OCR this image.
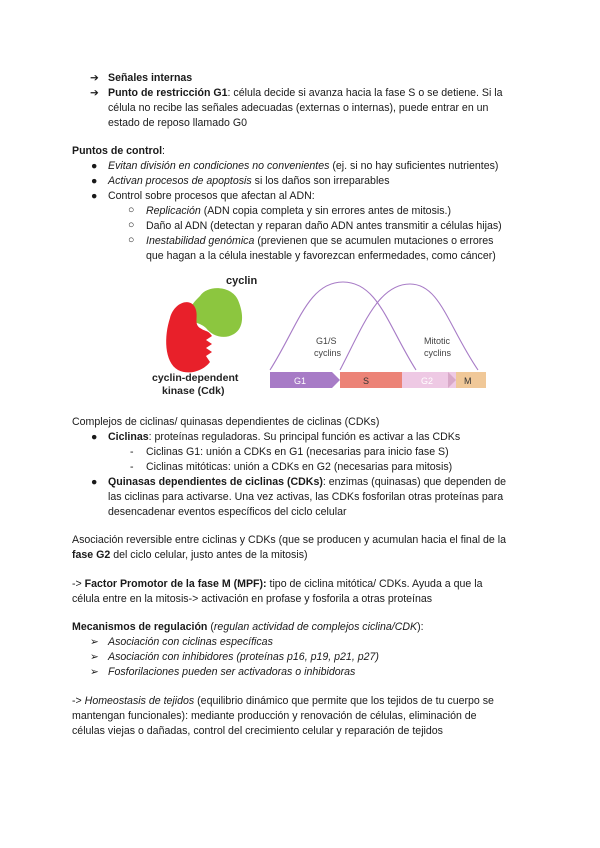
➔ Señales internas
➔ Punto de restricción G1: célula decide si avanza hacia la fase S o se detiene. Si la
célula no recibe las señales adecuadas (externas o internas), puede entrar en un
estado de reposo llamado G0
Puntos de control:
● Evitan división en condiciones no convenientes (ej. si no hay suficientes nutrientes)
● Activan procesos de apoptosis si los daños son irreparables
● Control sobre procesos que afectan al ADN:
○ Replicación (ADN copia completa y sin errores antes de mitosis.)
○ Daño al ADN (detectan y reparan daño ADN antes transmitir a células hijas)
○ Inestabilidad genómica (previenen que se acumulen mutaciones o errores
que hagan a la célula inestable y favorezcan enfermedades, como cáncer)
cyclin
cyclin-dependent
kinase (Cdk)
G1	S	G2	M
G1/S
cyclins
Mitotic
cyclins
Complejos de ciclinas/ quinasas dependientes de ciclinas (CDKs)
● Ciclinas: proteínas reguladoras. Su principal función es activar a las CDKs
- Ciclinas G1: unión a CDKs en G1 (necesarias para inicio fase S)
- Ciclinas mitóticas: unión a CDKs en G2 (necesarias para mitosis)
● Quinasas dependientes de ciclinas (CDKs): enzimas (quinasas) que dependen de
las ciclinas para activarse. Una vez activas, las CDKs fosforilan otras proteínas para
desencadenar eventos específicos del ciclo celular
Asociación reversible entre ciclinas y CDKs (que se producen y acumulan hacia el final de la
fase G2 del ciclo celular, justo antes de la mitosis)
-> Factor Promotor de la fase M (MPF): tipo de ciclina mitótica/ CDKs. Ayuda a que la
célula entre en la mitosis-> activación en profase y fosforila a otras proteínas
Mecanismos de regulación (regulan actividad de complejos ciclina/CDK):
➢ Asociación con ciclinas específicas
➢ Asociación con inhibidores (proteínas p16, p19, p21, p27)
➢ Fosforilaciones pueden ser activadoras o inhibidoras
-> Homeostasis de tejidos (equilibrio dinámico que permite que los tejidos de tu cuerpo se
mantengan funcionales): mediante producción y renovación de células, eliminación de
células viejas o dañadas, control del crecimiento celular y reparación de tejidos
